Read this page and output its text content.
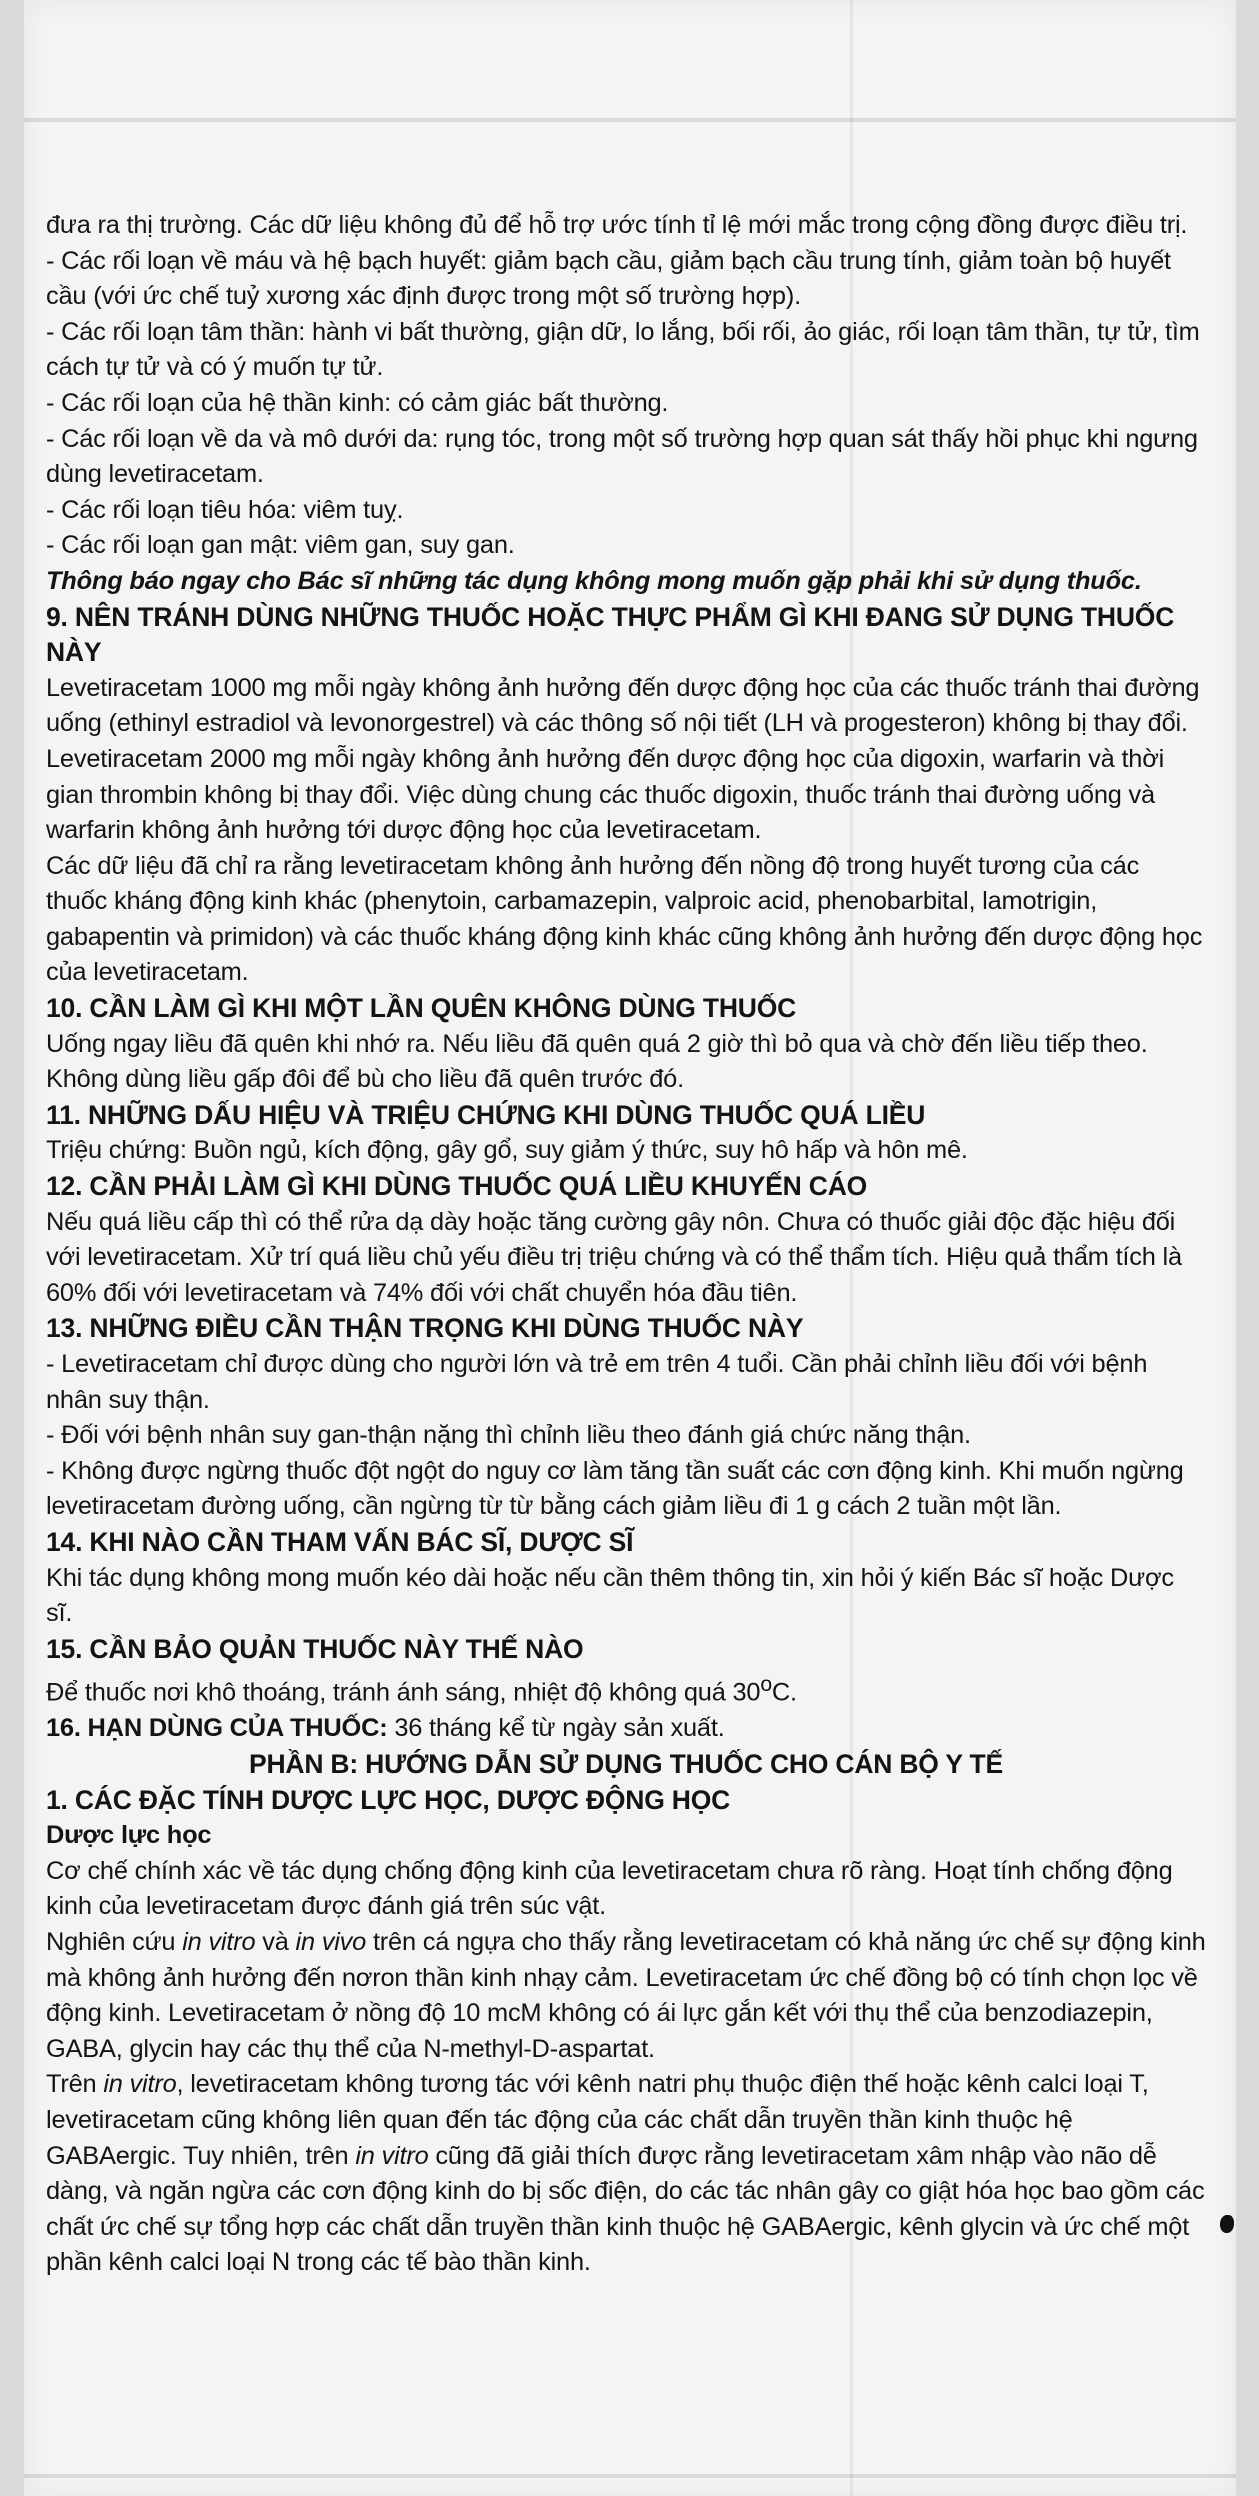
đưa ra thị trường. Các dữ liệu không đủ để hỗ trợ ước tính tỉ lệ mới mắc trong cộng đồng được điều trị.

- Các rối loạn về máu và hệ bạch huyết: giảm bạch cầu, giảm bạch cầu trung tính, giảm toàn bộ huyết cầu (với ức chế tuỷ xương xác định được trong một số trường hợp).

- Các rối loạn tâm thần: hành vi bất thường, giận dữ, lo lắng, bối rối, ảo giác, rối loạn tâm thần, tự tử, tìm cách tự tử và có ý muốn tự tử.

- Các rối loạn của hệ thần kinh: có cảm giác bất thường.

- Các rối loạn về da và mô dưới da: rụng tóc, trong một số trường hợp quan sát thấy hồi phục khi ngưng dùng levetiracetam.

- Các rối loạn tiêu hóa: viêm tuỵ.

- Các rối loạn gan mật: viêm gan, suy gan.

Thông báo ngay cho Bác sĩ những tác dụng không mong muốn gặp phải khi sử dụng thuốc.

9. NÊN TRÁNH DÙNG NHỮNG THUỐC HOẶC THỰC PHẨM GÌ KHI ĐANG SỬ DỤNG THUỐC NÀY

Levetiracetam 1000 mg mỗi ngày không ảnh hưởng đến dược động học của các thuốc tránh thai đường uống (ethinyl estradiol và levonorgestrel) và các thông số nội tiết (LH và progesteron) không bị thay đổi. Levetiracetam 2000 mg mỗi ngày không ảnh hưởng đến dược động học của digoxin, warfarin và thời gian thrombin không bị thay đổi. Việc dùng chung các thuốc digoxin, thuốc tránh thai đường uống và warfarin không ảnh hưởng tới dược động học của levetiracetam.

Các dữ liệu đã chỉ ra rằng levetiracetam không ảnh hưởng đến nồng độ trong huyết tương của các thuốc kháng động kinh khác (phenytoin, carbamazepin, valproic acid, phenobarbital, lamotrigin, gabapentin và primidon) và các thuốc kháng động kinh khác cũng không ảnh hưởng đến dược động học của levetiracetam.

10. CẦN LÀM GÌ KHI MỘT LẦN QUÊN KHÔNG DÙNG THUỐC

Uống ngay liều đã quên khi nhớ ra. Nếu liều đã quên quá 2 giờ thì bỏ qua và chờ đến liều tiếp theo. Không dùng liều gấp đôi để bù cho liều đã quên trước đó.

11. NHỮNG DẤU HIỆU VÀ TRIỆU CHỨNG KHI DÙNG THUỐC QUÁ LIỀU

Triệu chứng: Buồn ngủ, kích động, gây gổ, suy giảm ý thức, suy hô hấp và hôn mê.

12. CẦN PHẢI LÀM GÌ KHI DÙNG THUỐC QUÁ LIỀU KHUYẾN CÁO

Nếu quá liều cấp thì có thể rửa dạ dày hoặc tăng cường gây nôn. Chưa có thuốc giải độc đặc hiệu đối với levetiracetam. Xử trí quá liều chủ yếu điều trị triệu chứng và có thể thẩm tích. Hiệu quả thẩm tích là 60% đối với levetiracetam và 74% đối với chất chuyển hóa đầu tiên.

13. NHỮNG ĐIỀU CẦN THẬN TRỌNG KHI DÙNG THUỐC NÀY

- Levetiracetam chỉ được dùng cho người lớn và trẻ em trên 4 tuổi. Cần phải chỉnh liều đối với bệnh nhân suy thận.

- Đối với bệnh nhân suy gan-thận nặng thì chỉnh liều theo đánh giá chức năng thận.

- Không được ngừng thuốc đột ngột do nguy cơ làm tăng tần suất các cơn động kinh. Khi muốn ngừng levetiracetam đường uống, cần ngừng từ từ bằng cách giảm liều đi 1 g cách 2 tuần một lần.

14. KHI NÀO CẦN THAM VẤN BÁC SĨ, DƯỢC SĨ

Khi tác dụng không mong muốn kéo dài hoặc nếu cần thêm thông tin, xin hỏi ý kiến Bác sĩ hoặc Dược sĩ.

15. CẦN BẢO QUẢN THUỐC NÀY THẾ NÀO

Để thuốc nơi khô thoáng, tránh ánh sáng, nhiệt độ không quá 30$^o$C.

16. HẠN DÙNG CỦA THUỐC: 36 tháng kể từ ngày sản xuất.

PHẦN B: HƯỚNG DẪN SỬ DỤNG THUỐC CHO CÁN BỘ Y TẾ

1. CÁC ĐẶC TÍNH DƯỢC LỰC HỌC, DƯỢC ĐỘNG HỌC

Dược lực học

Cơ chế chính xác về tác dụng chống động kinh của levetiracetam chưa rõ ràng. Hoạt tính chống động kinh của levetiracetam được đánh giá trên súc vật.

Nghiên cứu in vitro và in vivo trên cá ngựa cho thấy rằng levetiracetam có khả năng ức chế sự động kinh mà không ảnh hưởng đến nơron thần kinh nhạy cảm. Levetiracetam ức chế đồng bộ có tính chọn lọc về động kinh. Levetiracetam ở nồng độ 10 mcM không có ái lực gắn kết với thụ thể của benzodiazepin, GABA, glycin hay các thụ thể của N-methyl-D-aspartat.

Trên in vitro, levetiracetam không tương tác với kênh natri phụ thuộc điện thế hoặc kênh calci loại T, levetiracetam cũng không liên quan đến tác động của các chất dẫn truyền thần kinh thuộc hệ GABAergic. Tuy nhiên, trên in vitro cũng đã giải thích được rằng levetiracetam xâm nhập vào não dễ dàng, và ngăn ngừa các cơn động kinh do bị sốc điện, do các tác nhân gây co giật hóa học bao gồm các chất ức chế sự tổng hợp các chất dẫn truyền thần kinh thuộc hệ GABAergic, kênh glycin và ức chế một phần kênh calci loại N trong các tế bào thần kinh.
